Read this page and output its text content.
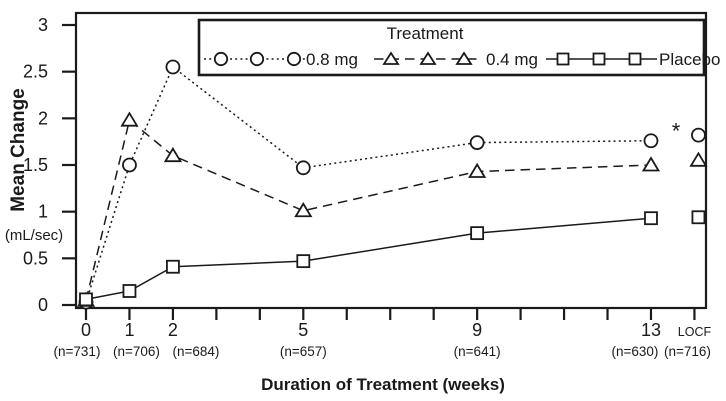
0
0.5
1
1.5
2
2.5
3
0
(n=731)
1
(n=706)
2
(n=684)
5
(n=657)
9
(n=641)
13
(n=630)
LOCF
(n=716)
*
Treatment
0.8 mg	0.4 mg	Placebo
Mean Change
(mL/sec)
Duration of Treatment (weeks)
